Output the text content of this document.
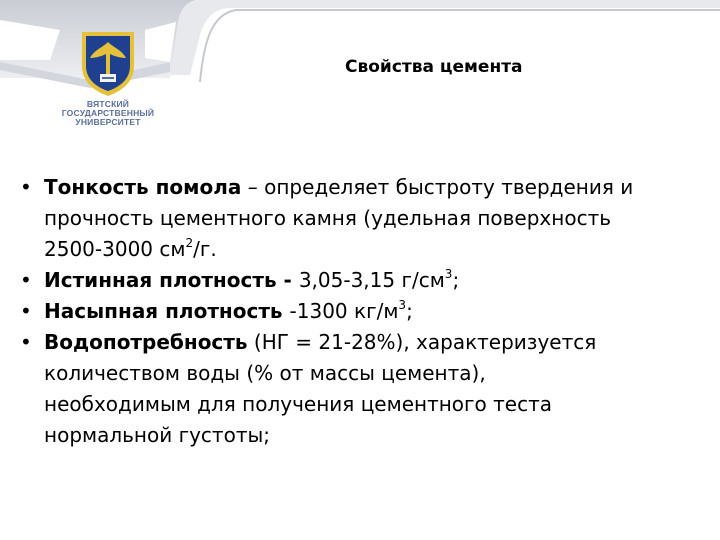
ВЯТСКИЙ
ГОСУДАРСТВЕННЫЙ
УНИВЕРСИТЕТ
Свойства цемента
• Тонкость помола – определяет быстроту твердения и
прочность цементного камня (удельная поверхность
2500-3000 $см^2/г$.
• Истинная плотность - 3,05-3,15 $г/см^3$;
• Насыпная плотность -1300 $кг/м^3$;
• Водопотребность (НГ = 21-28%), характеризуется
количеством воды (% от массы цемента),
необходимым для получения цементного теста
нормальной густоты;
